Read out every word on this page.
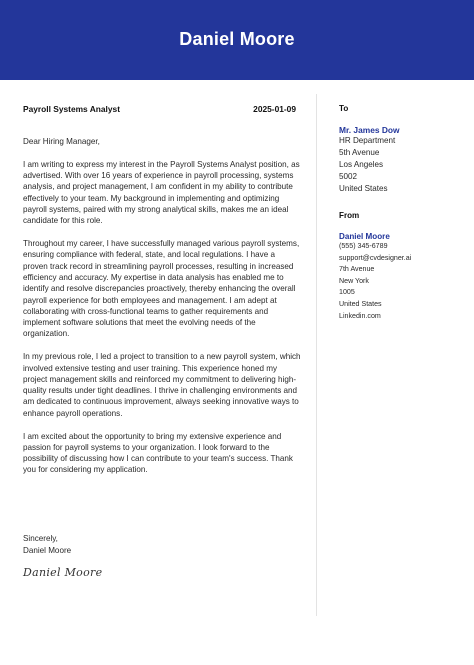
Daniel Moore
Payroll Systems Analyst	2025-01-09

Dear Hiring Manager,

I am writing to express my interest in the Payroll Systems Analyst position, as advertised. With over 16 years of experience in payroll processing, systems analysis, and project management, I am confident in my ability to contribute effectively to your team. My background in implementing and optimizing payroll systems, paired with my strong analytical skills, makes me an ideal candidate for this role.

Throughout my career, I have successfully managed various payroll systems, ensuring compliance with federal, state, and local regulations. I have a proven track record in streamlining payroll processes, resulting in increased efficiency and accuracy. My expertise in data analysis has enabled me to identify and resolve discrepancies proactively, thereby enhancing the overall payroll experience for both employees and management. I am adept at collaborating with cross-functional teams to gather requirements and implement software solutions that meet the evolving needs of the organization.

In my previous role, I led a project to transition to a new payroll system, which involved extensive testing and user training. This experience honed my project management skills and reinforced my commitment to delivering high-quality results under tight deadlines. I thrive in challenging environments and am dedicated to continuous improvement, always seeking innovative ways to enhance payroll operations.

I am excited about the opportunity to bring my extensive experience and passion for payroll systems to your organization. I look forward to the possibility of discussing how I can contribute to your team's success. Thank you for considering my application.

Sincerely,
Daniel Moore
Daniel Moore
To
Mr. James Dow
HR Department
5th Avenue
Los Angeles
5002
United States
From
Daniel Moore
(555) 345-6789
support@cvdesigner.ai
7th Avenue
New York
1005
United States
Linkedin.com
